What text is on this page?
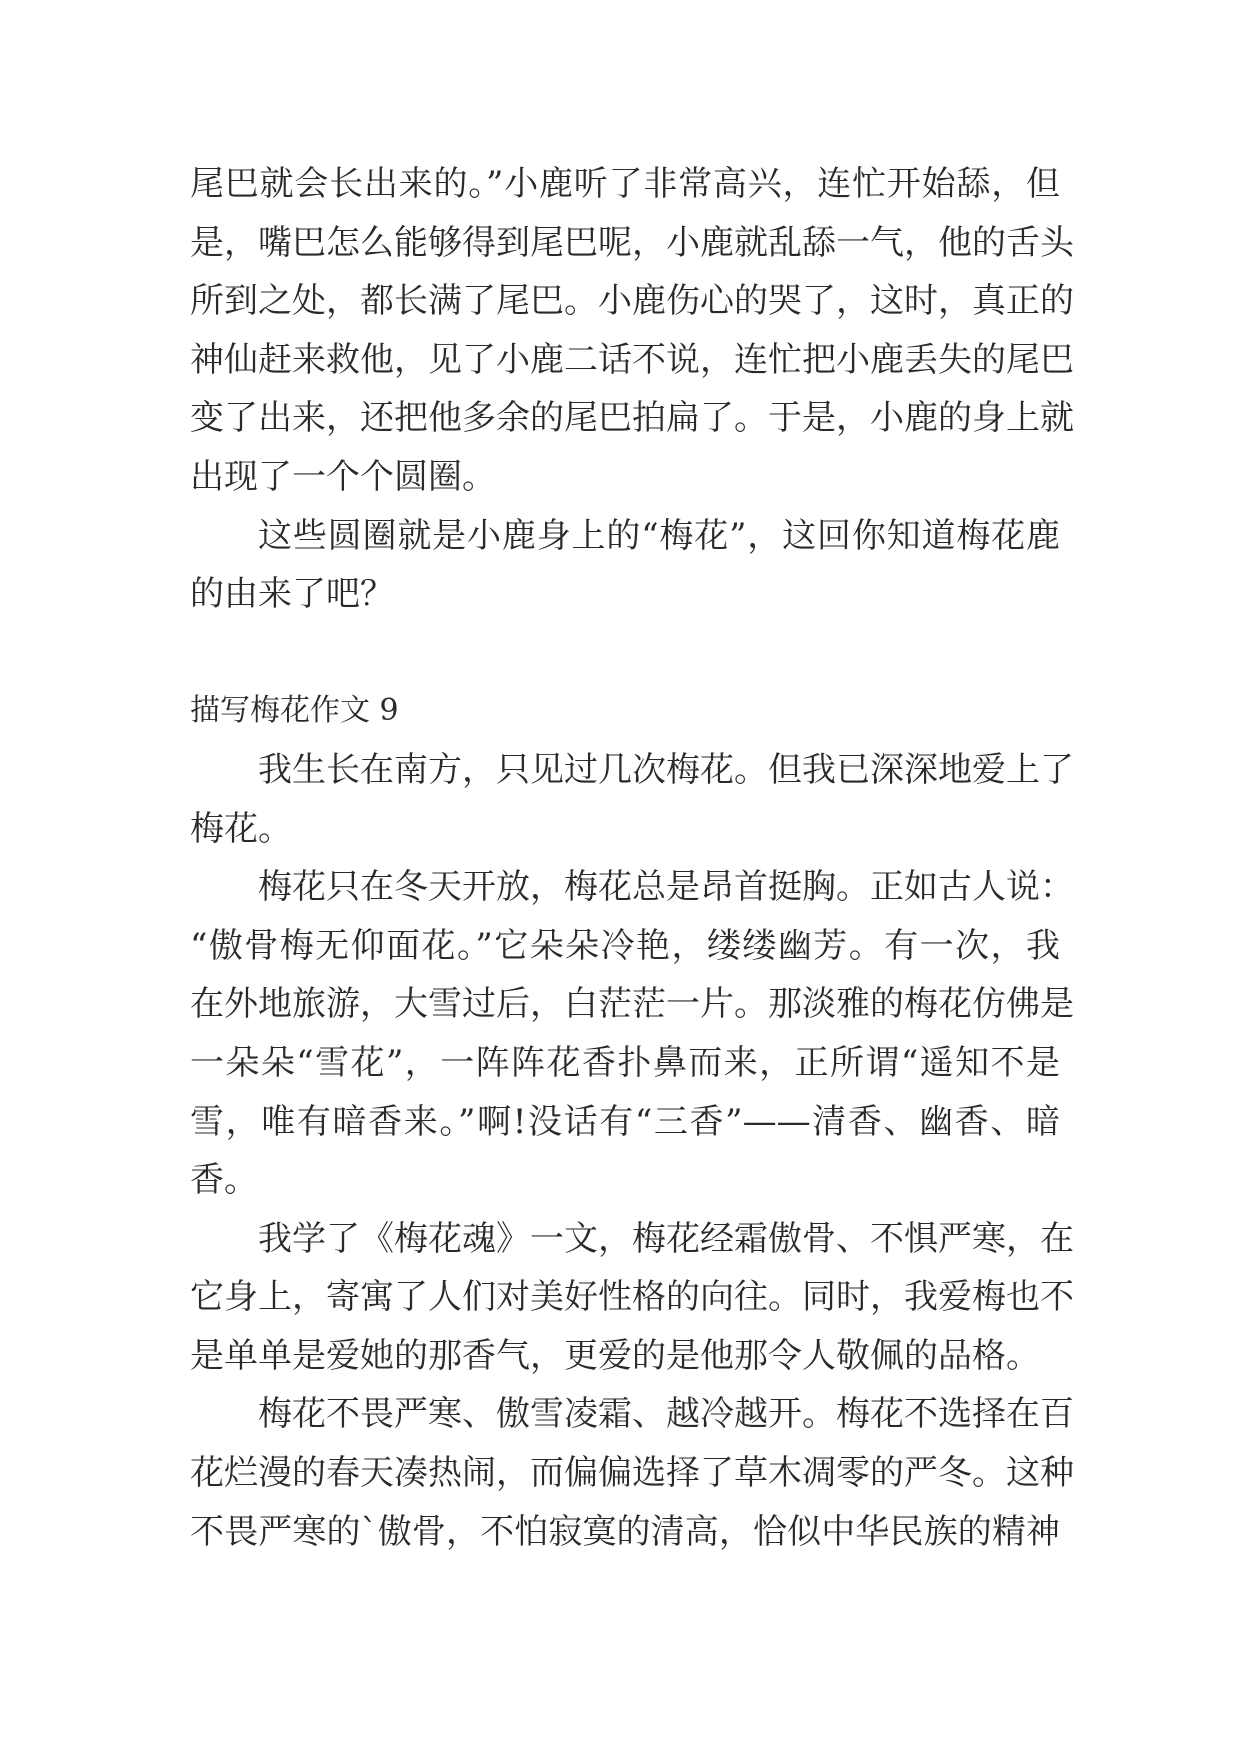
尾巴就会长出来的。”小鹿听了非常高兴，连忙开始舔，但
是，嘴巴怎么能够得到尾巴呢，小鹿就乱舔一气，他的舌头
所到之处，都长满了尾巴。小鹿伤心的哭了，这时，真正的
神仙赶来救他，见了小鹿二话不说，连忙把小鹿丢失的尾巴
变了出来，还把他多余的尾巴拍扁了。于是，小鹿的身上就
出现了一个个圆圈。
这些圆圈就是小鹿身上的“梅花”，这回你知道梅花鹿
的由来了吧？
描写梅花作文 9
我生长在南方，只见过几次梅花。但我已深深地爱上了
梅花。
梅花只在冬天开放，梅花总是昂首挺胸。正如古人说：
“傲骨梅无仰面花。”它朵朵冷艳，缕缕幽芳。有一次，我
在外地旅游，大雪过后，白茫茫一片。那淡雅的梅花仿佛是
一朵朵“雪花”，一阵阵花香扑鼻而来，正所谓“遥知不是
雪，唯有暗香来。”啊!没话有“三香”——清香、幽香、暗
香。
我学了《梅花魂》一文，梅花经霜傲骨、不惧严寒，在
它身上，寄寓了人们对美好性格的向往。同时，我爱梅也不
是单单是爱她的那香气，更爱的是他那令人敬佩的品格。
梅花不畏严寒、傲雪凌霜、越冷越开。梅花不选择在百
花烂漫的春天凑热闹，而偏偏选择了草木凋零的严冬。这种
不畏严寒的`傲骨，不怕寂寞的清高，恰似中华民族的精神
